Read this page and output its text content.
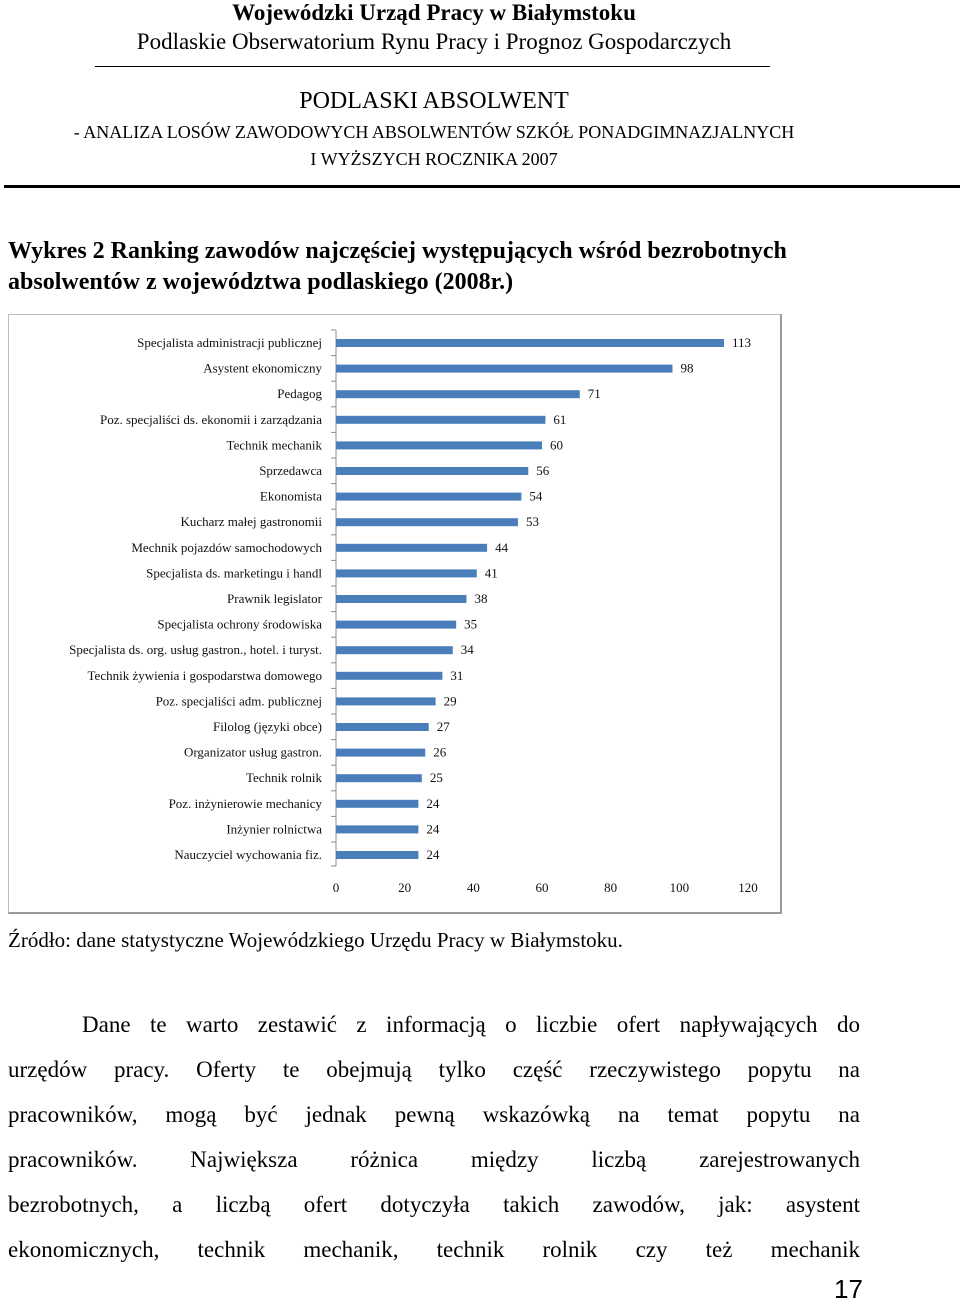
Wojewódzki Urząd Pracy w Białymstoku
Podlaskie Obserwatorium Rynu Pracy i Prognoz Gospodarczych
PODLASKI ABSOLWENT
- ANALIZA LOSÓW ZAWODOWYCH ABSOLWENTÓW SZKÓŁ PONADGIMNAZJALNYCH
I WYŻSZYCH ROCZNIKA 2007
Wykres 2 Ranking zawodów najczęściej występujących wśród bezrobotnych
absolwentów z województwa podlaskiego (2008r.)
Specjalista administracji publicznej	113
Asystent ekonomiczny	98
Pedagog	71
Poz. specjaliści ds. ekonomii i zarządzania	61
Technik mechanik	60
Sprzedawca	56
Ekonomista	54
Kucharz małej gastronomii	53
Mechnik pojazdów samochodowych	44
Specjalista ds. marketingu i handl	41
Prawnik legislator	38
Specjalista ochrony środowiska	35
Specjalista ds. org. usług gastron., hotel. i turyst.	34
Technik żywienia i gospodarstwa domowego	31
Poz. specjaliści adm. publicznej	29
Filolog (języki obce)	27
Organizator usług gastron.	26
Technik rolnik	25
Poz. inżynierowie mechanicy	24
Inżynier rolnictwa	24
Nauczyciel wychowania fiz.	24
0	20	40	60	80	100	120
Źródło: dane statystyczne Wojewódzkiego Urzędu Pracy w Białymstoku.
Dane te warto zestawić z informacją o liczbie ofert napływających do
urzędów pracy. Oferty te obejmują tylko część rzeczywistego popytu na
pracowników, mogą być jednak pewną wskazówką na temat popytu na
pracowników. Największa różnica między liczbą zarejestrowanych
bezrobotnych, a liczbą ofert dotyczyła takich zawodów, jak: asystent
ekonomicznych, technik mechanik, technik rolnik czy też mechanik
17
